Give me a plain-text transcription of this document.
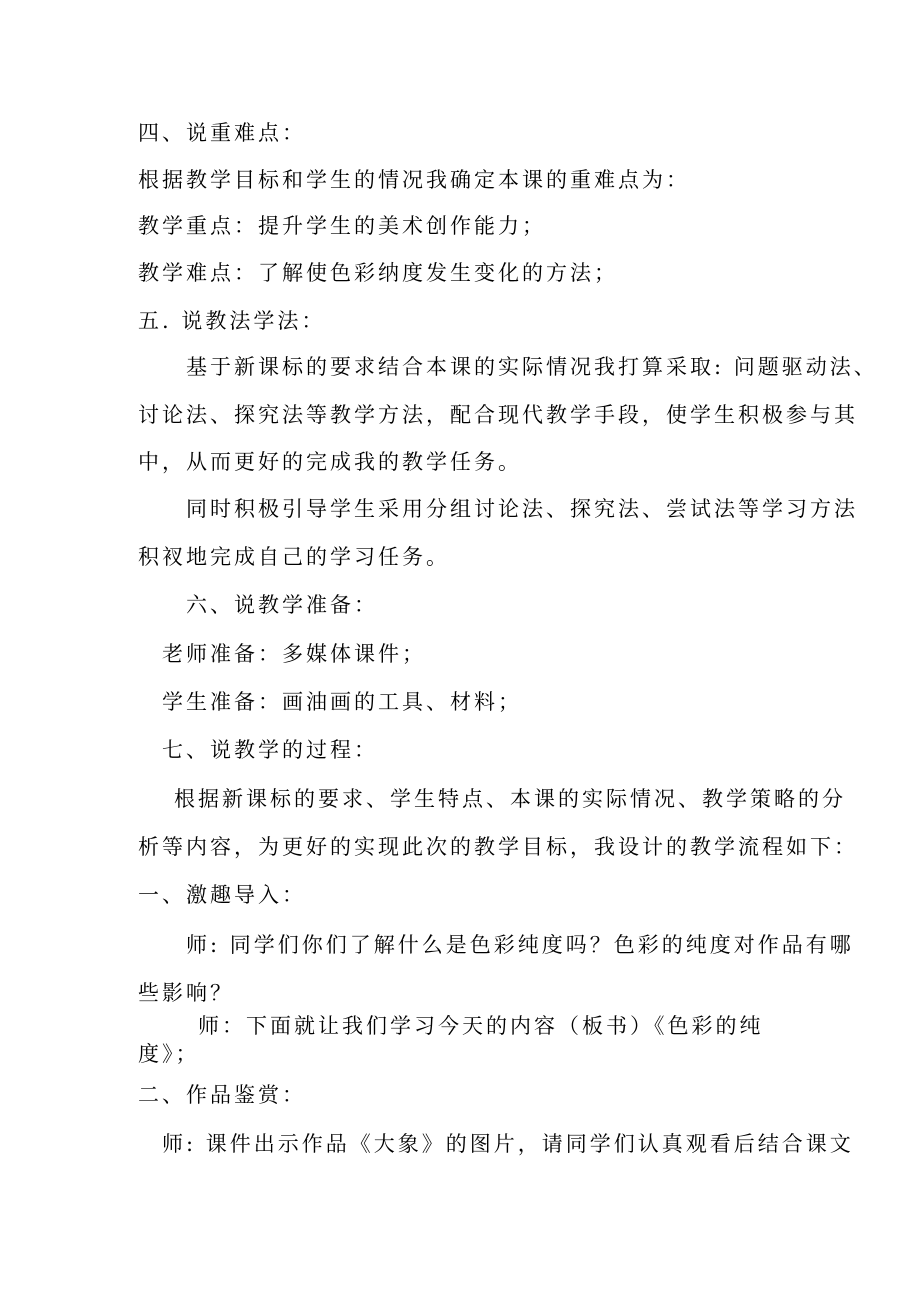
四、说重难点：
根据教学目标和学生的情况我确定本课的重难点为：
教学重点：提升学生的美术创作能力；
教学难点：了解使色彩纳度发生变化的方法；
五. 说教法学法：
基于新课标的要求结合本课的实际情况我打算采取: 问题驱动法、
讨论法、探究法等教学方法，配合现代教学手段，使学生积极参与其
中，从而更好的完成我的教学任务。
同时积极引导学生采用分组讨论法、探究法、尝试法等学习方法
积衩地完成自己的学习任务。
六、说教学准备：
老师准备：多媒体课件；
学生准备：画油画的工具、材料；
七、说教学的过程：
根据新课标的要求、学生特点、本课的实际情况、教学策略的分
析等内容，为更好的实现此次的教学目标，我设计的教学流程如下：
一、激趣导入：
师: 同学们你们了解什么是色彩纯度吗？色彩的纯度对作品有哪
些影响？
师：下面就让我们学习今天的内容（板书）《色彩的纯
度》；
二、作品鉴赏：
师: 课件出示作品《大象》的图片，请同学们认真观看后结合课文
